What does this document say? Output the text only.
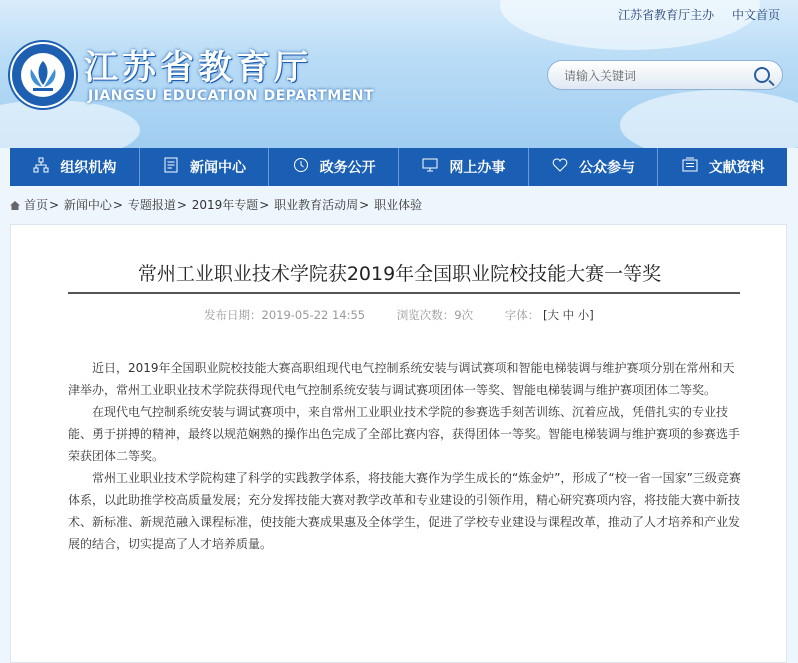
江苏省教育厅主办 中文首页
江苏省教育厅
JIANGSU EDUCATION DEPARTMENT
请输入关键词
组织机构	新闻中心	政务公开	网上办事	公众参与	文献资料
首页> 新闻中心> 专题报道> 2019年专题> 职业教育活动周> 职业体验
常州工业职业技术学院获2019年全国职业院校技能大赛一等奖
发布日期：2019-05-22 14:55	浏览次数：9次	字体： [大 中 小]

近日，2019年全国职业院校技能大赛高职组现代电气控制系统安装与调试赛项和智能电梯装调与维护赛项分别在常州和天津举办，常州工业职业技术学院获得现代电气控制系统安装与调试赛项团体一等奖、智能电梯装调与维护赛项团体二等奖。

在现代电气控制系统安装与调试赛项中，来自常州工业职业技术学院的参赛选手刻苦训练、沉着应战，凭借扎实的专业技能、勇于拼搏的精神，最终以规范娴熟的操作出色完成了全部比赛内容，获得团体一等奖。智能电梯装调与维护赛项的参赛选手荣获团体二等奖。

常州工业职业技术学院构建了科学的实践教学体系，将技能大赛作为学生成长的“炼金炉”，形成了“校一省一国家”三级竞赛体系，以此助推学校高质量发展；充分发挥技能大赛对教学改革和专业建设的引领作用，精心研究赛项内容，将技能大赛中新技术、新标准、新规范融入课程标准，使技能大赛成果惠及全体学生，促进了学校专业建设与课程改革，推动了人才培养和产业发展的结合，切实提高了人才培养质量。
